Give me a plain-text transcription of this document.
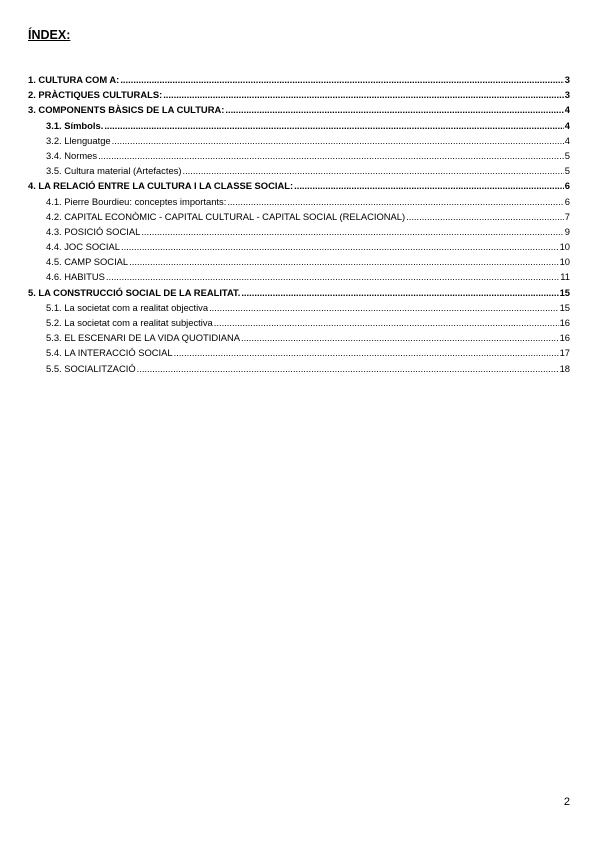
ÍNDEX:
1. CULTURA COM A: .....	3
2. PRÀCTIQUES CULTURALS: .....	3
3. COMPONENTS BÀSICS DE LA CULTURA: .....	4
3.1. Símbols. .....	4
3.2. Llenguatge .....	4
3.4. Normes .....	5
3.5. Cultura material (Artefactes) .....	5
4. LA RELACIÓ ENTRE LA CULTURA I LA CLASSE SOCIAL: .....	6
4.1. Pierre Bourdieu: conceptes importants: .....	6
4.2. CAPITAL ECONÒMIC - CAPITAL CULTURAL - CAPITAL SOCIAL (RELACIONAL) .....	7
4.3. POSICIÓ SOCIAL .....	9
4.4. JOC SOCIAL .....	10
4.5. CAMP SOCIAL .....	10
4.6. HABITUS .....	11
5. LA CONSTRUCCIÓ SOCIAL DE LA REALITAT. .....	15
5.1. La societat com a realitat objectiva .....	15
5.2. La societat com a realitat subjectiva .....	16
5.3. EL ESCENARI DE LA VIDA QUOTIDIANA .....	16
5.4. LA INTERACCIÓ SOCIAL .....	17
5.5. SOCIALITZACIÓ .....	18
2
